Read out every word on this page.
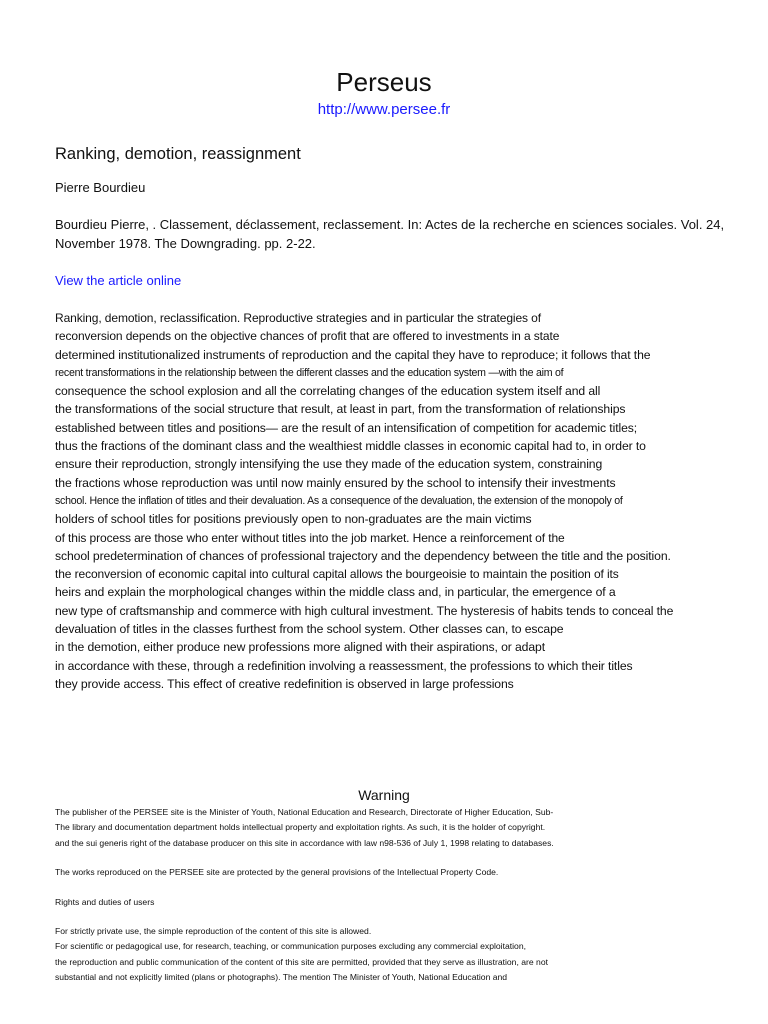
Perseus
http://www.persee.fr
Ranking, demotion, reassignment
Pierre Bourdieu
Bourdieu Pierre, . Classement, déclassement, reclassement. In: Actes de la recherche en sciences sociales. Vol. 24, November 1978. The Downgrading. pp. 2-22.
View the article online
Ranking, demotion, reclassification. Reproductive strategies and in particular the strategies of
reconversion depends on the objective chances of profit that are offered to investments in a state
determined institutionalized instruments of reproduction and the capital they have to reproduce; it follows that the
recent transformations in the relationship between the different classes and the education system —with the aim of
consequence the school explosion and all the correlating changes of the education system itself and all
the transformations of the social structure that result, at least in part, from the transformation of relationships
established between titles and positions— are the result of an intensification of competition for academic titles;
thus the fractions of the dominant class and the wealthiest middle classes in economic capital had to, in order to
ensure their reproduction, strongly intensifying the use they made of the education system, constraining
the fractions whose reproduction was until now mainly ensured by the school to intensify their investments
school. Hence the inflation of titles and their devaluation. As a consequence of the devaluation, the extension of the monopoly of
holders of school titles for positions previously open to non-graduates are the main victims
of this process are those who enter without titles into the job market. Hence a reinforcement of the
school predetermination of chances of professional trajectory and the dependency between the title and the position.
the reconversion of economic capital into cultural capital allows the bourgeoisie to maintain the position of its
heirs and explain the morphological changes within the middle class and, in particular, the emergence of a
new type of craftsmanship and commerce with high cultural investment. The hysteresis of habits tends to conceal the
devaluation of titles in the classes furthest from the school system. Other classes can, to escape
in the demotion, either produce new professions more aligned with their aspirations, or adapt
in accordance with these, through a redefinition involving a reassessment, the professions to which their titles
they provide access. This effect of creative redefinition is observed in large professions
Warning
The publisher of the PERSEE site is the Minister of Youth, National Education and Research, Directorate of Higher Education, Sub-
The library and documentation department holds intellectual property and exploitation rights. As such, it is the holder of copyright.
and the sui generis right of the database producer on this site in accordance with law n98-536 of July 1, 1998 relating to databases.
The works reproduced on the PERSEE site are protected by the general provisions of the Intellectual Property Code.
Rights and duties of users
For strictly private use, the simple reproduction of the content of this site is allowed.
For scientific or pedagogical use, for research, teaching, or communication purposes excluding any commercial exploitation,
the reproduction and public communication of the content of this site are permitted, provided that they serve as illustration, are not
substantial and not explicitly limited (plans or photographs). The mention The Minister of Youth, National Education and
